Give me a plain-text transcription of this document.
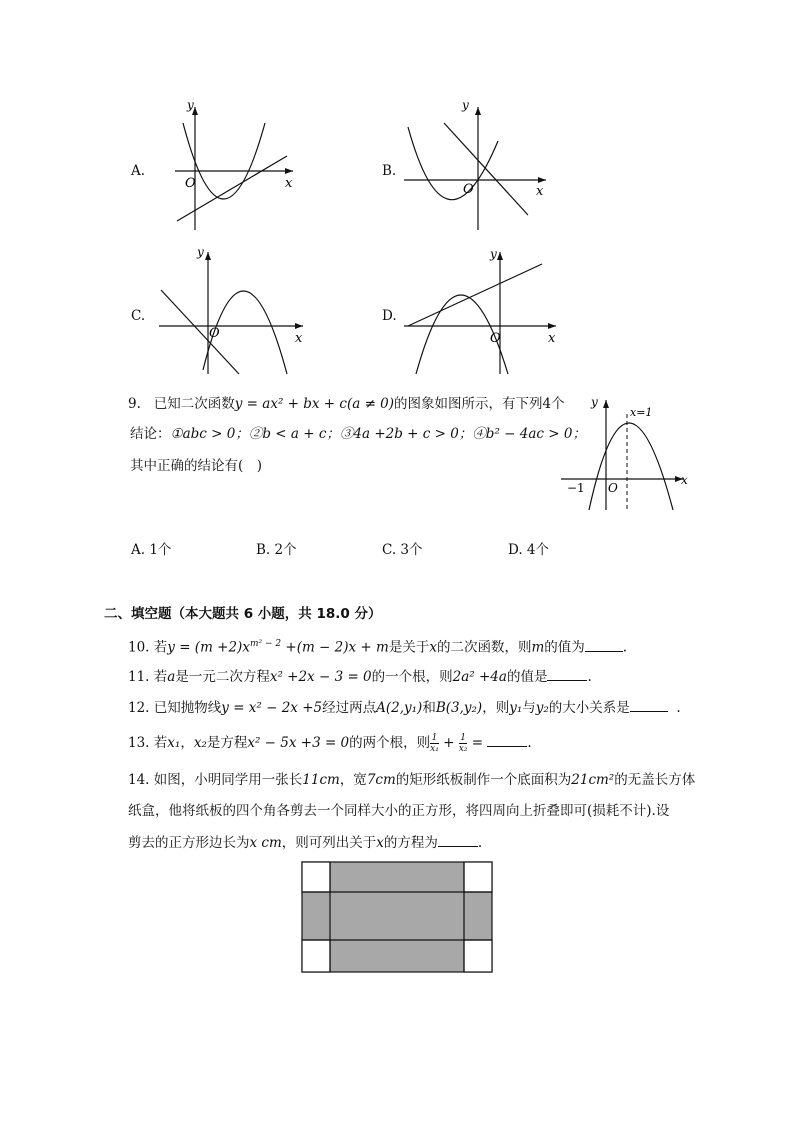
A.
y
x
O
B.
y
x
O
C.
y
x
O
D.
y
x
O
9. 已知二次函数y = ax² + bx + c(a ≠ 0)的图象如图所示，有下列4个
结论：①abc > 0；②b < a + c；③4a +2b + c > 0；④b² − 4ac > 0；
其中正确的结论有(　)
y
x
x=1
−1 O
A. 1个	B. 2个	C. 3个	D. 4个
二、填空题（本大题共 6 小题，共 18.0 分）
10. 若$y = (m +2)x^{m^2 - 2} +(m - 2)x + m$是关于x的二次函数，则m的值为	.
11. 若a是一元二次方程x² +2x − 3 = 0的一个根，则2a² +4a的值是	.
12. 已知抛物线y = x² − 2x +5经过两点A(2,y₁)和B(3,y₂)，则y₁与y₂的大小关系是	.
13. 若x₁，x₂是方程x² − 5x +3 = 0的两个根，则 $\frac{1}{\text{x₁}} + \frac{1}{\text{x₂}}$ =	.
14. 如图，小明同学用一张长11cm，宽7cm的矩形纸板制作一个底面积为21cm²的无盖长方体
纸盒，他将纸板的四个角各剪去一个同样大小的正方形，将四周向上折叠即可(损耗不计).设
剪去的正方形边长为x cm，则可列出关于x的方程为	.
